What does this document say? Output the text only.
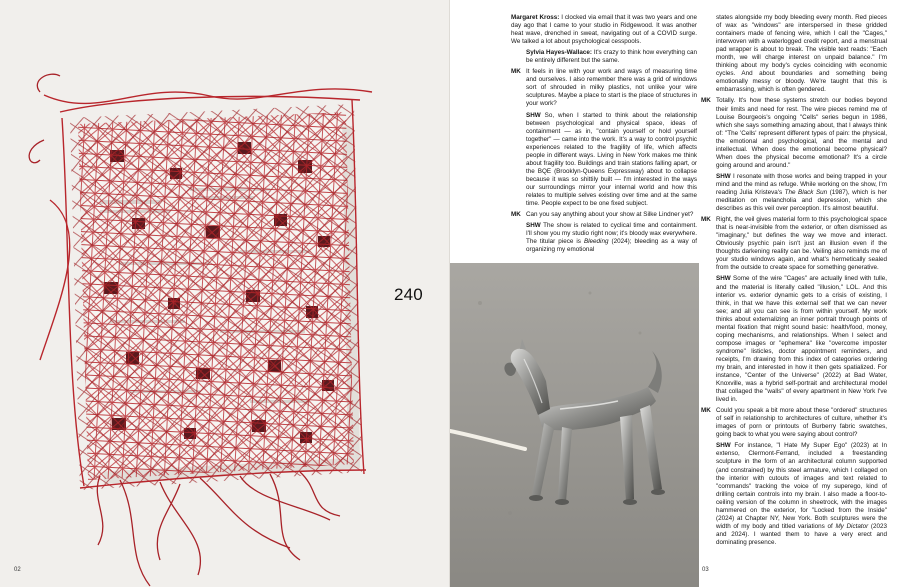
240
02

Margaret Kross: I clocked via email that it was two years and one day ago that I came to your studio in Ridgewood. It was another heat wave, drenched in sweat, navigating out of a COVID surge. We talked a lot about psychological cesspools.

Sylvia Hayes-Wallace: It's crazy to think how everything can be entirely different but the same.

MK It feels in line with your work and ways of measuring time and ourselves. I also remember there was a grid of windows sort of shrouded in milky plastics, not unlike your wire sculptures. Maybe a place to start is the place of structures in your work?

SHW So, when I started to think about the relationship between psychological and physical space, ideas of containment — as in, "contain yourself or hold yourself together" — came into the work. It's a way to control psychic experiences related to the fragility of life, which affects people in different ways. Living in New York makes me think about fragility too. Buildings and train stations falling apart, or the BQE (Brooklyn-Queens Expressway) about to collapse because it was so shittily built — I'm interested in the ways our surroundings mirror your internal world and how this relates to multiple selves existing over time and at the same time. People expect to be one fixed subject.

MK Can you say anything about your show at Silke Lindner yet?

SHW The show is related to cyclical time and containment. I'll show you my studio right now; it's bloody wax everywhere. The titular piece is Bleeding (2024); bleeding as a way of organizing my emotional

states alongside my body bleeding every month. Red pieces of wax as "windows" are interspersed in these gridded containers made of fencing wire, which I call the "Cages," interwoven with a waterlogged credit report, and a menstrual pad wrapper is about to break. The visible text reads: "Each month, we will charge interest on unpaid balance." I'm thinking about my body's cycles coinciding with economic cycles. And about boundaries and something being emotionally messy or bloody. We're taught that this is embarrassing, which is often gendered.

MK Totally. It's how these systems stretch our bodies beyond their limits and need for rest. The wire pieces remind me of Louise Bourgeois's ongoing "Cells" series begun in 1986, which she says something amazing about, that I always think of: "The 'Cells' represent different types of pain: the physical, the emotional and psychological, and the mental and intellectual. When does the emotional become physical? When does the physical become emotional? It's a circle going around and around."

SHW I resonate with those works and being trapped in your mind and the mind as refuge. While working on the show, I'm reading Julia Kristeva's The Black Sun (1987), which is her meditation on melancholia and depression, which she describes as this veil over perception. It's almost beautiful.

MK Right, the veil gives material form to this psychological space that is near-invisible from the exterior, or often dismissed as "imaginary," but defines the way we move and interact. Obviously psychic pain isn't just an illusion even if the thoughts darkening reality can be. Veiling also reminds me of your studio windows again, and what's hermetically sealed from the outside to create space for something generative.

SHW Some of the wire "Cages" are actually lined with tulle, and the material is literally called "illusion," LOL. And this interior vs. exterior dynamic gets to a crisis of existing, I think, in that we have this external self that we can never see; and all you can see is from within yourself. My work thinks about externalizing an inner portrait through points of mental fixation that might sound basic: health/food, money, coping mechanisms, and relationships. When I select and compose images or "ephemera" like "overcome imposter syndrome" listicles, doctor appointment reminders, and receipts, I'm drawing from this index of categories ordering my brain, and interested in how it then gets spatialized. For instance, "Center of the Universe" (2022) at Bad Water, Knoxville, was a hybrid self-portrait and architectural model that collaged the "walls" of every apartment in New York I've lived in.

MK Could you speak a bit more about these "ordered" structures of self in relationship to architectures of culture, whether it's images of porn or printouts of Burberry fabric swatches, going back to what you were saying about control?

SHW For instance, "I Hate My Super Ego" (2023) at In extenso, Clermont-Ferrand, included a freestanding sculpture in the form of an architectural column supported (and constrained) by this steel armature, which I collaged on the interior with cutouts of images and text related to "commands" tracking the voice of my superego, kind of drilling certain controls into my brain. I also made a floor-to-ceiling version of the column in sheetrock, with the images hammered on the exterior, for "Locked from the Inside" (2024) at Chapter NY, New York. Both sculptures were the width of my body and titled variations of My Dictator (2023 and 2024). I wanted them to have a very erect and dominating presence.

03
